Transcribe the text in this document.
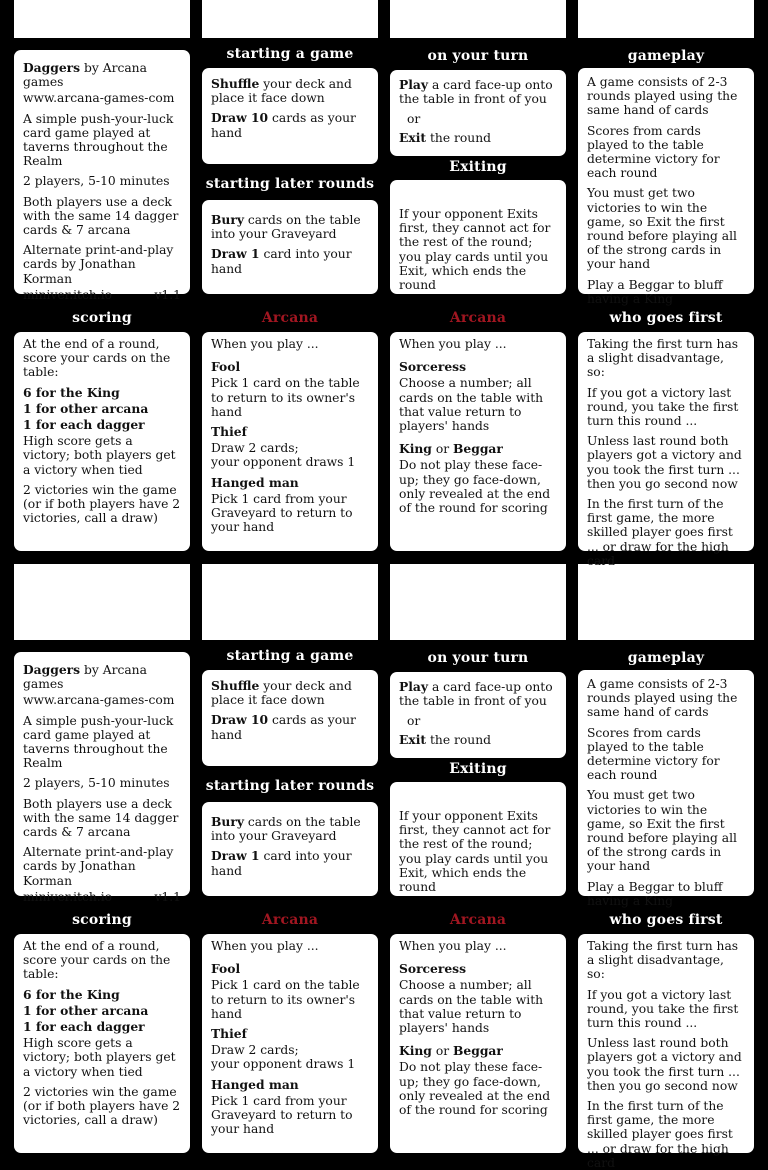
starting a game	on your turn	gameplay
starting later rounds
Exiting
Daggers by Arcana games
www.arcana-games-com
A simple push-your-luck card game played at taverns throughout the Realm
2 players, 5-10 minutes
Both players use a deck with the same 14 dagger cards & 7 arcana
Alternate print-and-play cards by Jonathan Korman
miniver.itch.io	v1.1
Shuffle your deck and place it face down
Draw 10 cards as your hand
Bury cards on the table into your Graveyard
Draw 1 card into your hand
Play a card face-up onto the table in front of you
or
Exit the round
If your opponent Exits first, they cannot act for the rest of the round; you play cards until you Exit, which ends the round
A game consists of 2-3 rounds played using the same hand of cards
Scores from cards played to the table determine victory for each round
You must get two victories to win the game, so Exit the first round before playing all of the strong cards in your hand
Play a Beggar to bluff having a King
scoring	Arcana	Arcana	who goes first
At the end of a round, score your cards on the table:
6 for the King
1 for other arcana
1 for each dagger
High score gets a victory; both players get a victory when tied
2 victories win the game (or if both players have 2 victories, call a draw)
When you play ...
Fool
Pick 1 card on the table to return to its owner's hand
Thief
Draw 2 cards;
your opponent draws 1
Hanged man
Pick 1 card from your Graveyard to return to your hand
When you play ...
Sorceress
Choose a number; all cards on the table with that value return to players' hands
King or Beggar
Do not play these face-up; they go face-down, only revealed at the end of the round for scoring
Taking the first turn has a slight disadvantage, so:
If you got a victory last round, you take the first turn this round ...
Unless last round both players got a victory and you took the first turn ... then you go second now
In the first turn of the first game, the more skilled player goes first ... or draw for the high card
starting a game	on your turn	gameplay
starting later rounds
Exiting
Daggers by Arcana games
www.arcana-games-com
A simple push-your-luck card game played at taverns throughout the Realm
2 players, 5-10 minutes
Both players use a deck with the same 14 dagger cards & 7 arcana
Alternate print-and-play cards by Jonathan Korman
miniver.itch.io	v1.1
Shuffle your deck and place it face down
Draw 10 cards as your hand
Bury cards on the table into your Graveyard
Draw 1 card into your hand
Play a card face-up onto the table in front of you
or
Exit the round
If your opponent Exits first, they cannot act for the rest of the round; you play cards until you Exit, which ends the round
A game consists of 2-3 rounds played using the same hand of cards
Scores from cards played to the table determine victory for each round
You must get two victories to win the game, so Exit the first round before playing all of the strong cards in your hand
Play a Beggar to bluff having a King
scoring	Arcana	Arcana	who goes first
At the end of a round, score your cards on the table:
6 for the King
1 for other arcana
1 for each dagger
High score gets a victory; both players get a victory when tied
2 victories win the game (or if both players have 2 victories, call a draw)
When you play ...
Fool
Pick 1 card on the table to return to its owner's hand
Thief
Draw 2 cards;
your opponent draws 1
Hanged man
Pick 1 card from your Graveyard to return to your hand
When you play ...
Sorceress
Choose a number; all cards on the table with that value return to players' hands
King or Beggar
Do not play these face-up; they go face-down, only revealed at the end of the round for scoring
Taking the first turn has a slight disadvantage, so:
If you got a victory last round, you take the first turn this round ...
Unless last round both players got a victory and you took the first turn ... then you go second now
In the first turn of the first game, the more skilled player goes first ... or draw for the high card
